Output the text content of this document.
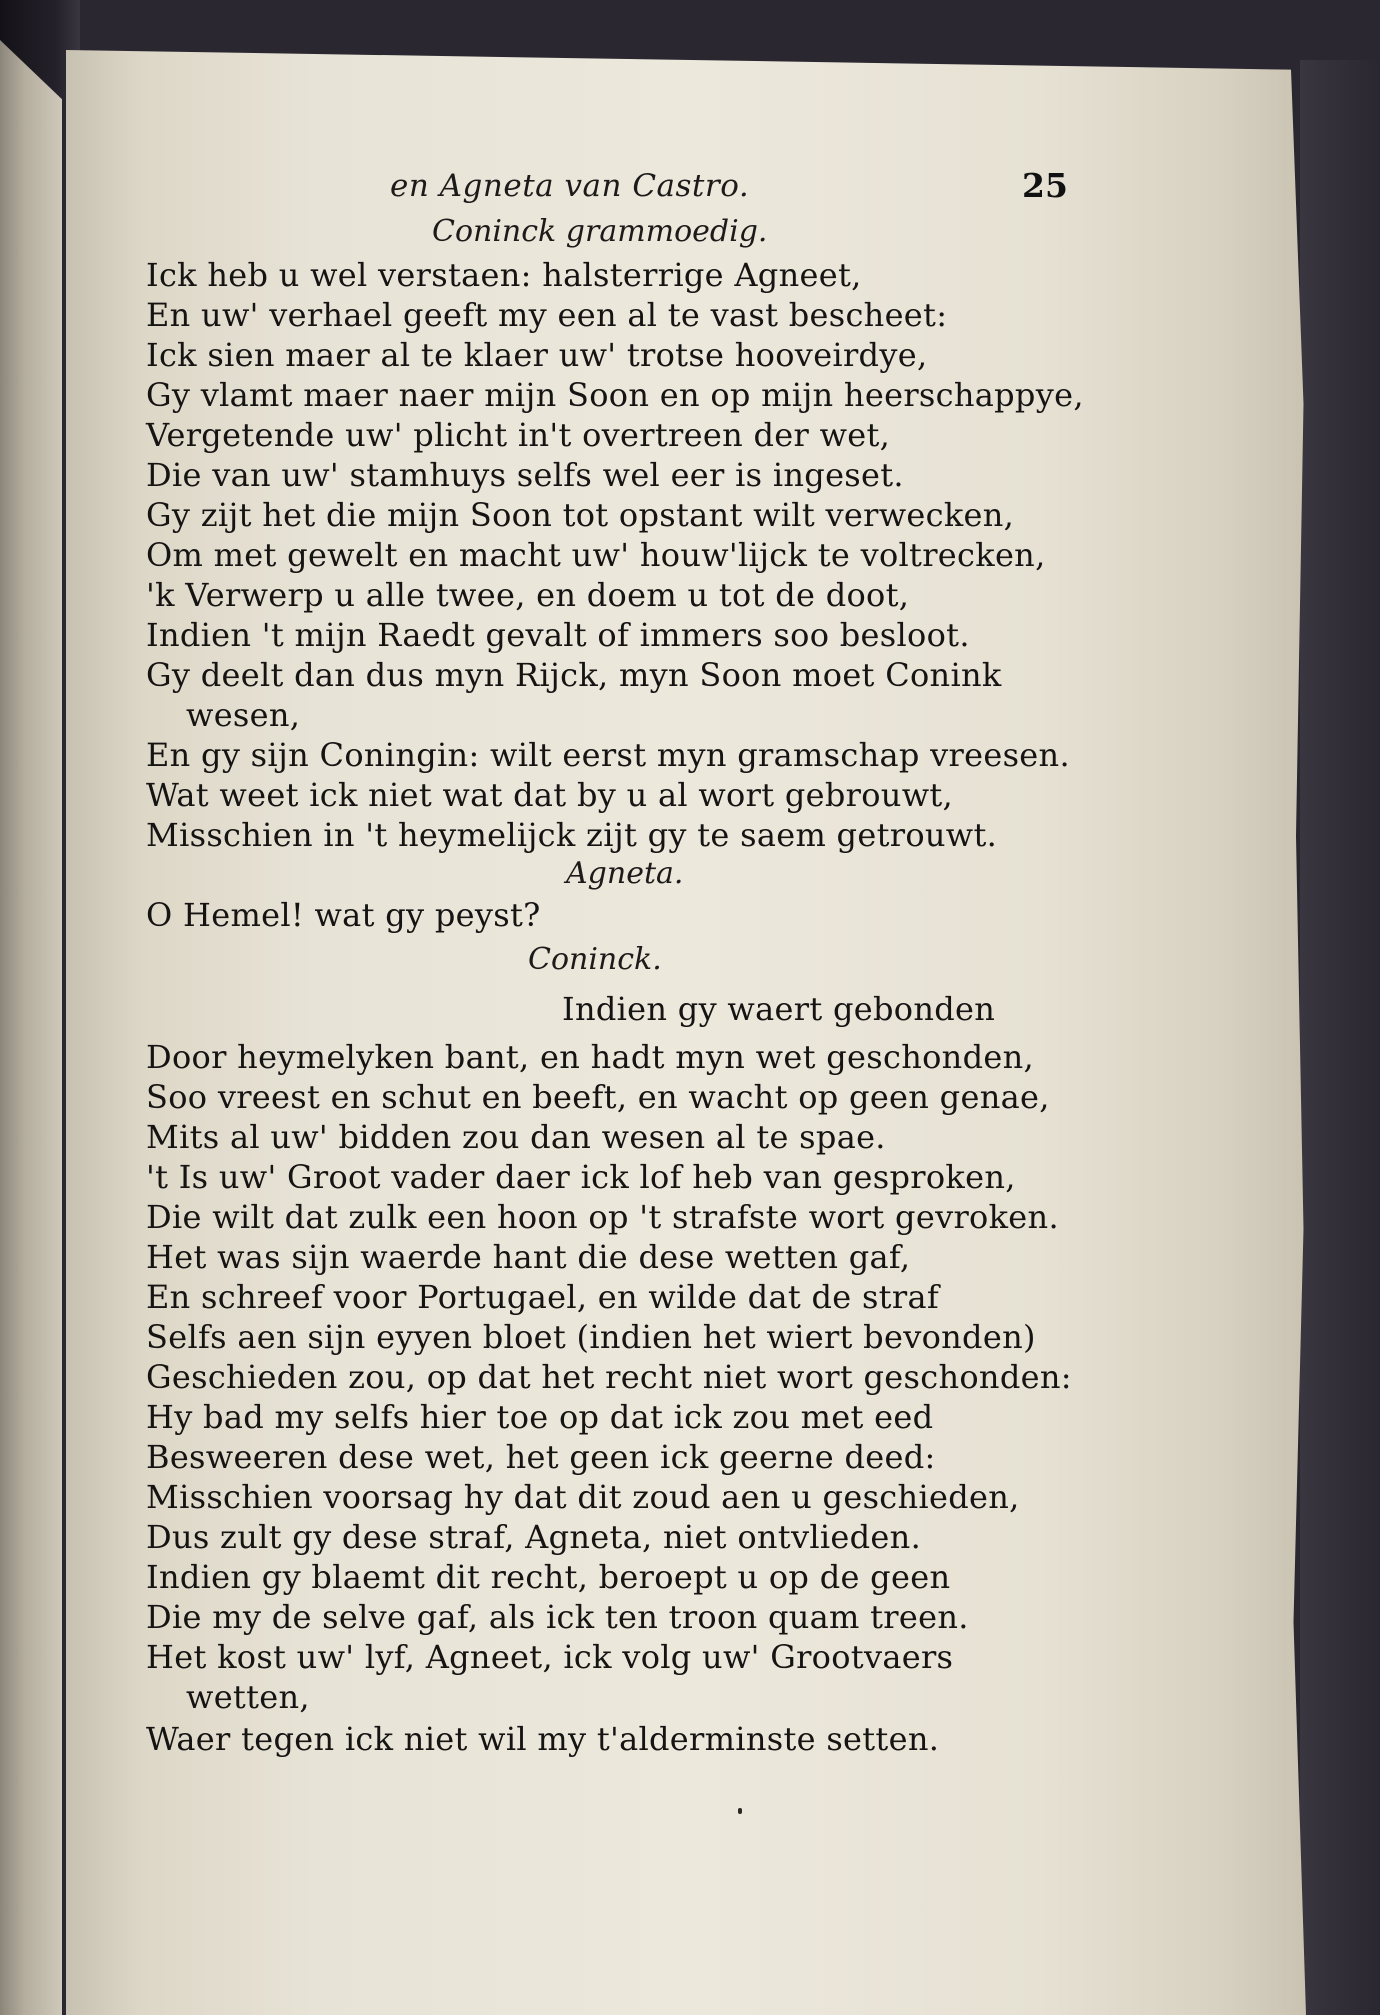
en Agneta van Castro.	25
Coninck grammoedig.
Ick heb u wel verstaen: halsterrige Agneet,
En uw' verhael geeft my een al te vast bescheet:
Ick sien maer al te klaer uw' trotse hooveirdye,
Gy vlamt maer naer mijn Soon en op mijn heerschappye,
Vergetende uw' plicht in't overtreen der wet,
Die van uw' stamhuys selfs wel eer is ingeset.
Gy zijt het die mijn Soon tot opstant wilt verwecken,
Om met gewelt en macht uw' houw'lijck te voltrecken,
'k Verwerp u alle twee, en doem u tot de doot,
Indien 't mijn Raedt gevalt of immers soo besloot.
Gy deelt dan dus myn Rijck, myn Soon moet Conink
wesen,
En gy sijn Coningin: wilt eerst myn gramschap vreesen.
Wat weet ick niet wat dat by u al wort gebrouwt,
Misschien in 't heymelijck zijt gy te saem getrouwt.
Agneta.
O Hemel! wat gy peyst?
Coninck.
Indien gy waert gebonden
Door heymelyken bant, en hadt myn wet geschonden,
Soo vreest en schut en beeft, en wacht op geen genae,
Mits al uw' bidden zou dan wesen al te spae.
't Is uw' Groot vader daer ick lof heb van gesproken,
Die wilt dat zulk een hoon op 't strafste wort gevroken.
Het was sijn waerde hant die dese wetten gaf,
En schreef voor Portugael, en wilde dat de straf
Selfs aen sijn eyyen bloet (indien het wiert bevonden)
Geschieden zou, op dat het recht niet wort geschonden:
Hy bad my selfs hier toe op dat ick zou met eed
Besweeren dese wet, het geen ick geerne deed:
Misschien voorsag hy dat dit zoud aen u geschieden,
Dus zult gy dese straf, Agneta, niet ontvlieden.
Indien gy blaemt dit recht, beroept u op de geen
Die my de selve gaf, als ick ten troon quam treen.
Het kost uw' lyf, Agneet, ick volg uw' Grootvaers
wetten,
Waer tegen ick niet wil my t'alderminste setten.
